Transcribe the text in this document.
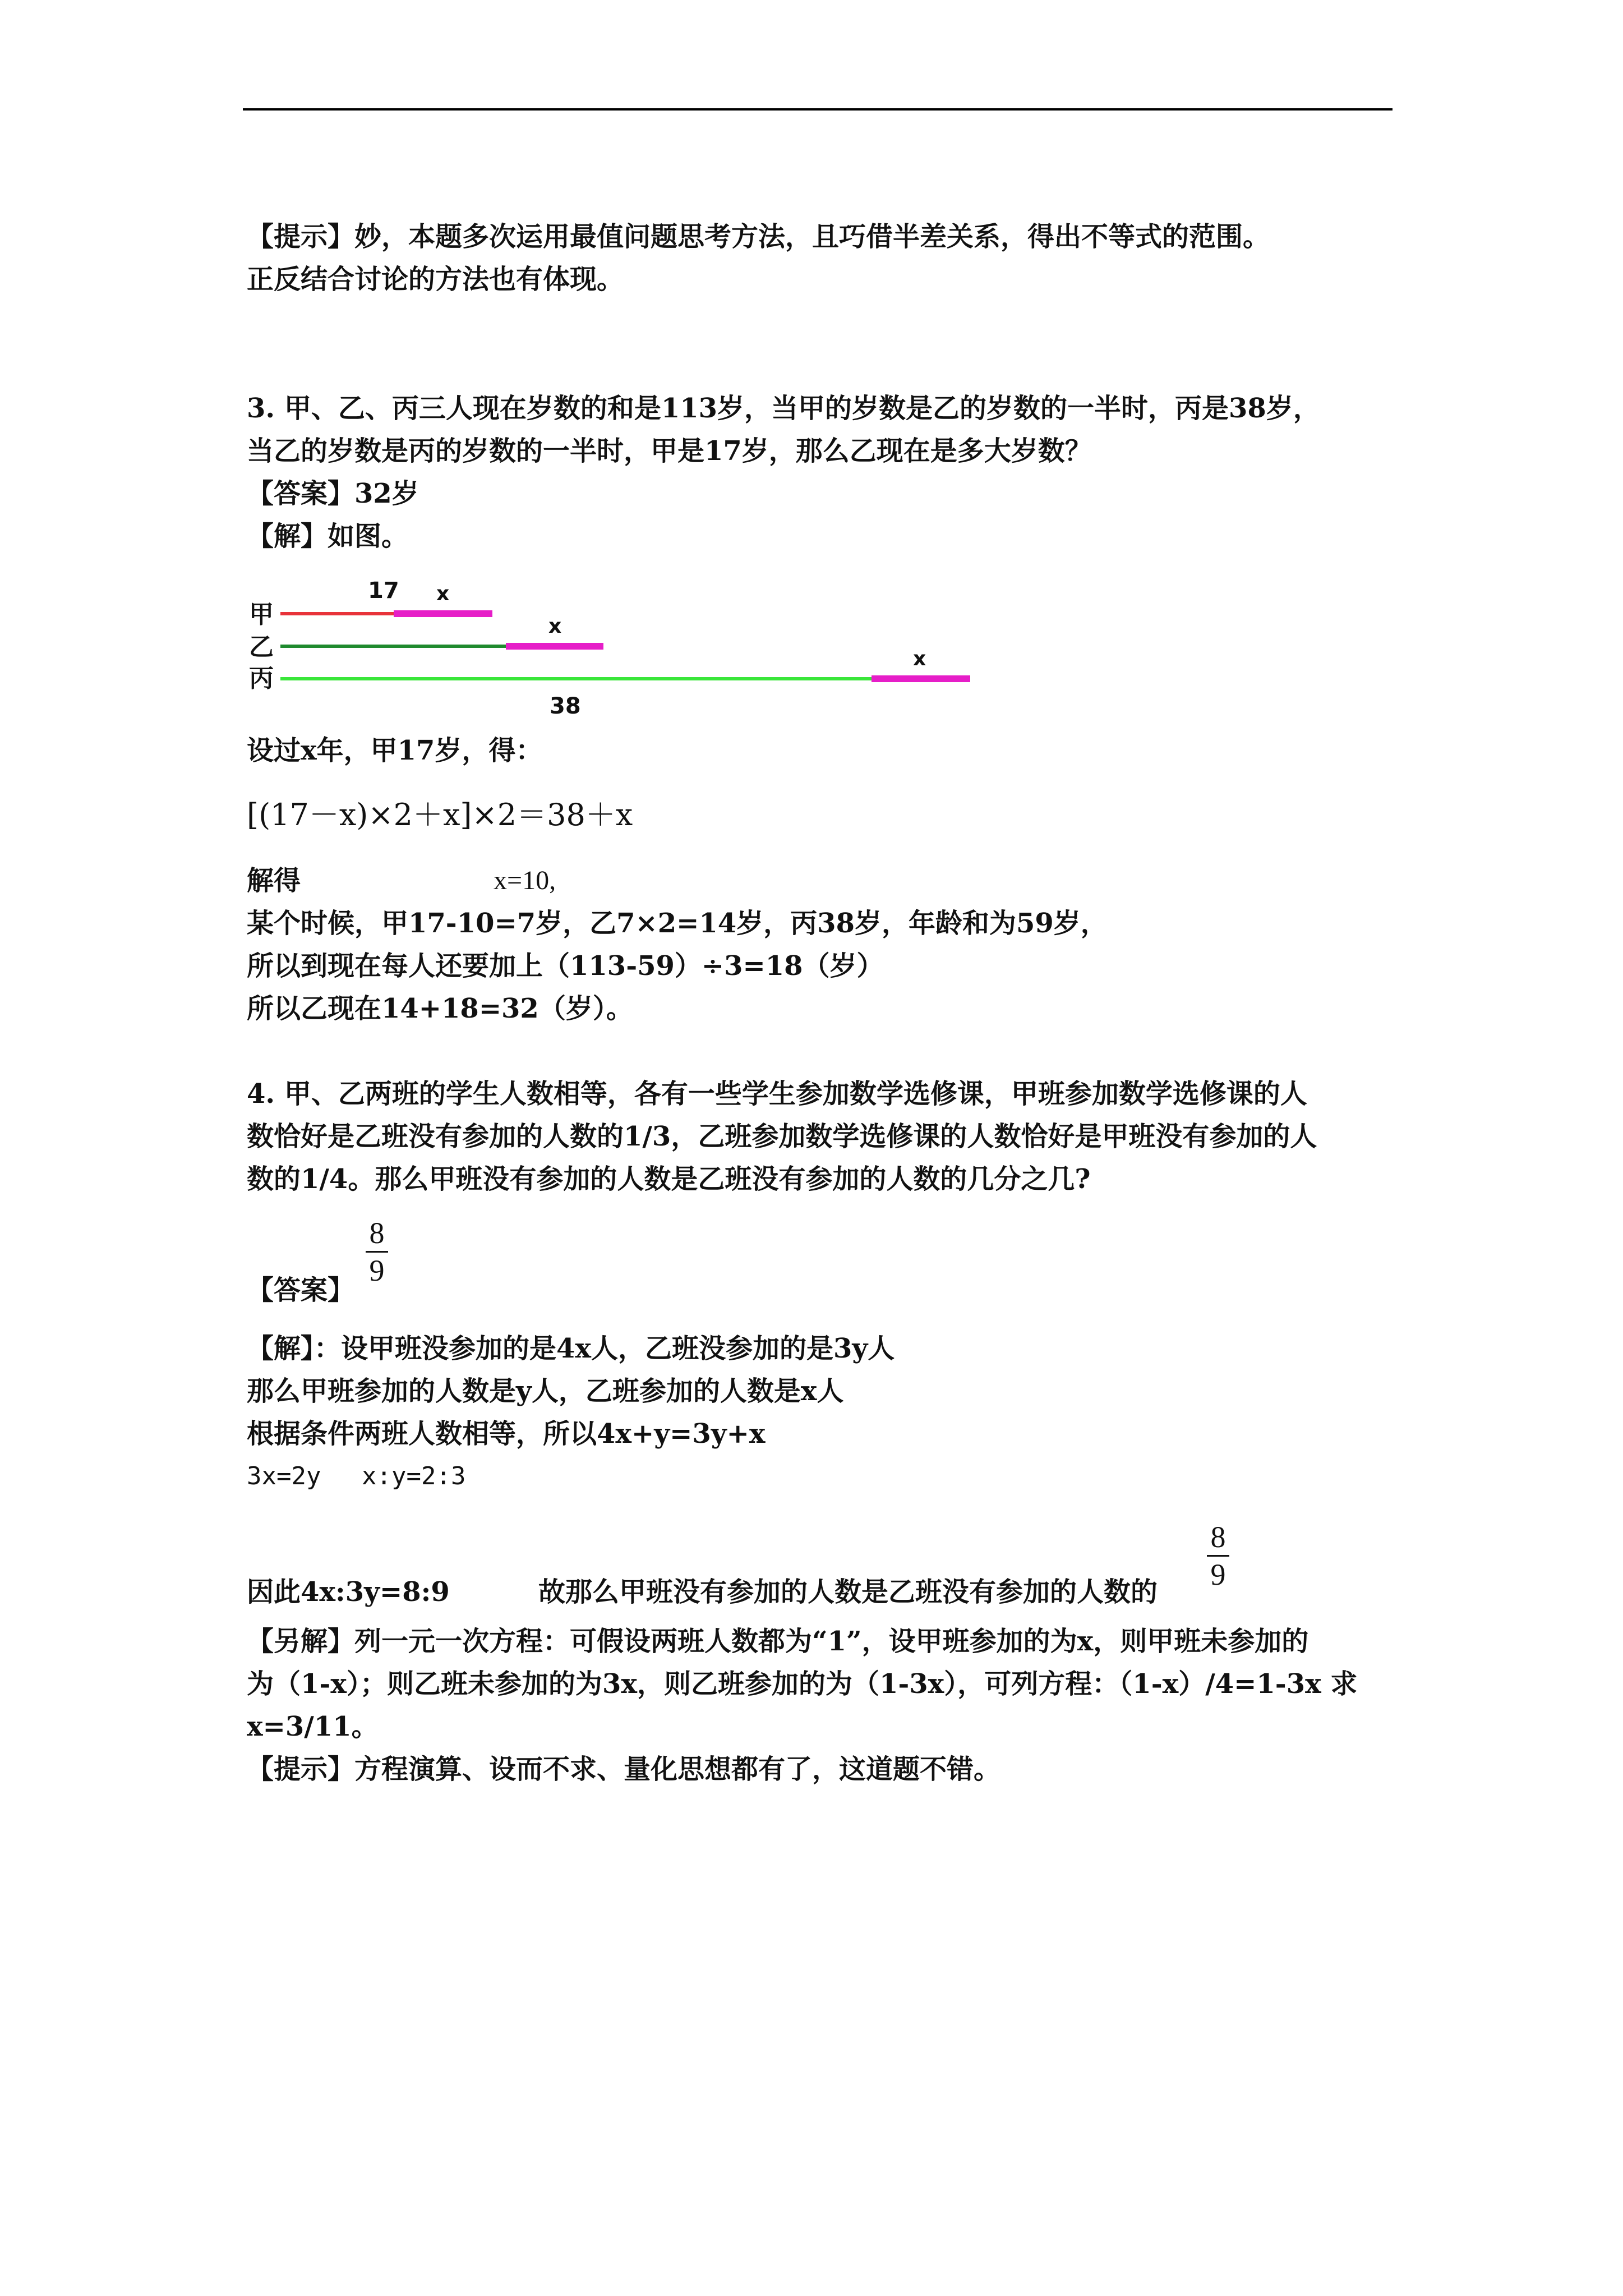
【提示】妙，本题多次运用最值问题思考方法，且巧借半差关系，得出不等式的范围。
正反结合讨论的方法也有体现。
3. 甲、乙、丙三人现在岁数的和是113岁，当甲的岁数是乙的岁数的一半时，丙是38岁，
当乙的岁数是丙的岁数的一半时，甲是17岁，那么乙现在是多大岁数？
【答案】32岁
【解】如图。
甲
乙
丙
17 x
x
x
38
设过x年，甲17岁，得：
[(17－x)×2＋x]×2＝38＋x
解得	x=10,
某个时候，甲17-10=7岁，乙7×2=14岁，丙38岁，年龄和为59岁，
所以到现在每人还要加上（113-59）÷3=18（岁）
所以乙现在14+18=32（岁）。
4. 甲、乙两班的学生人数相等，各有一些学生参加数学选修课，甲班参加数学选修课的人
数恰好是乙班没有参加的人数的1/3，乙班参加数学选修课的人数恰好是甲班没有参加的人
数的1/4。那么甲班没有参加的人数是乙班没有参加的人数的几分之几?
8
9
【答案】
【解】：设甲班没参加的是4x人，乙班没参加的是3y人
那么甲班参加的人数是y人，乙班参加的人数是x人
根据条件两班人数相等，所以4x+y=3y+x
3x=2y x:y=2:3
因此4x:3y=8:9	故那么甲班没有参加的人数是乙班没有参加的人数的
8
9
【另解】列一元一次方程：可假设两班人数都为“1”，设甲班参加的为x，则甲班未参加的
为（1-x）；则乙班未参加的为3x，则乙班参加的为（1-3x），可列方程：（1-x）/4=1-3x 求
x=3/11。
【提示】方程演算、设而不求、量化思想都有了，这道题不错。
